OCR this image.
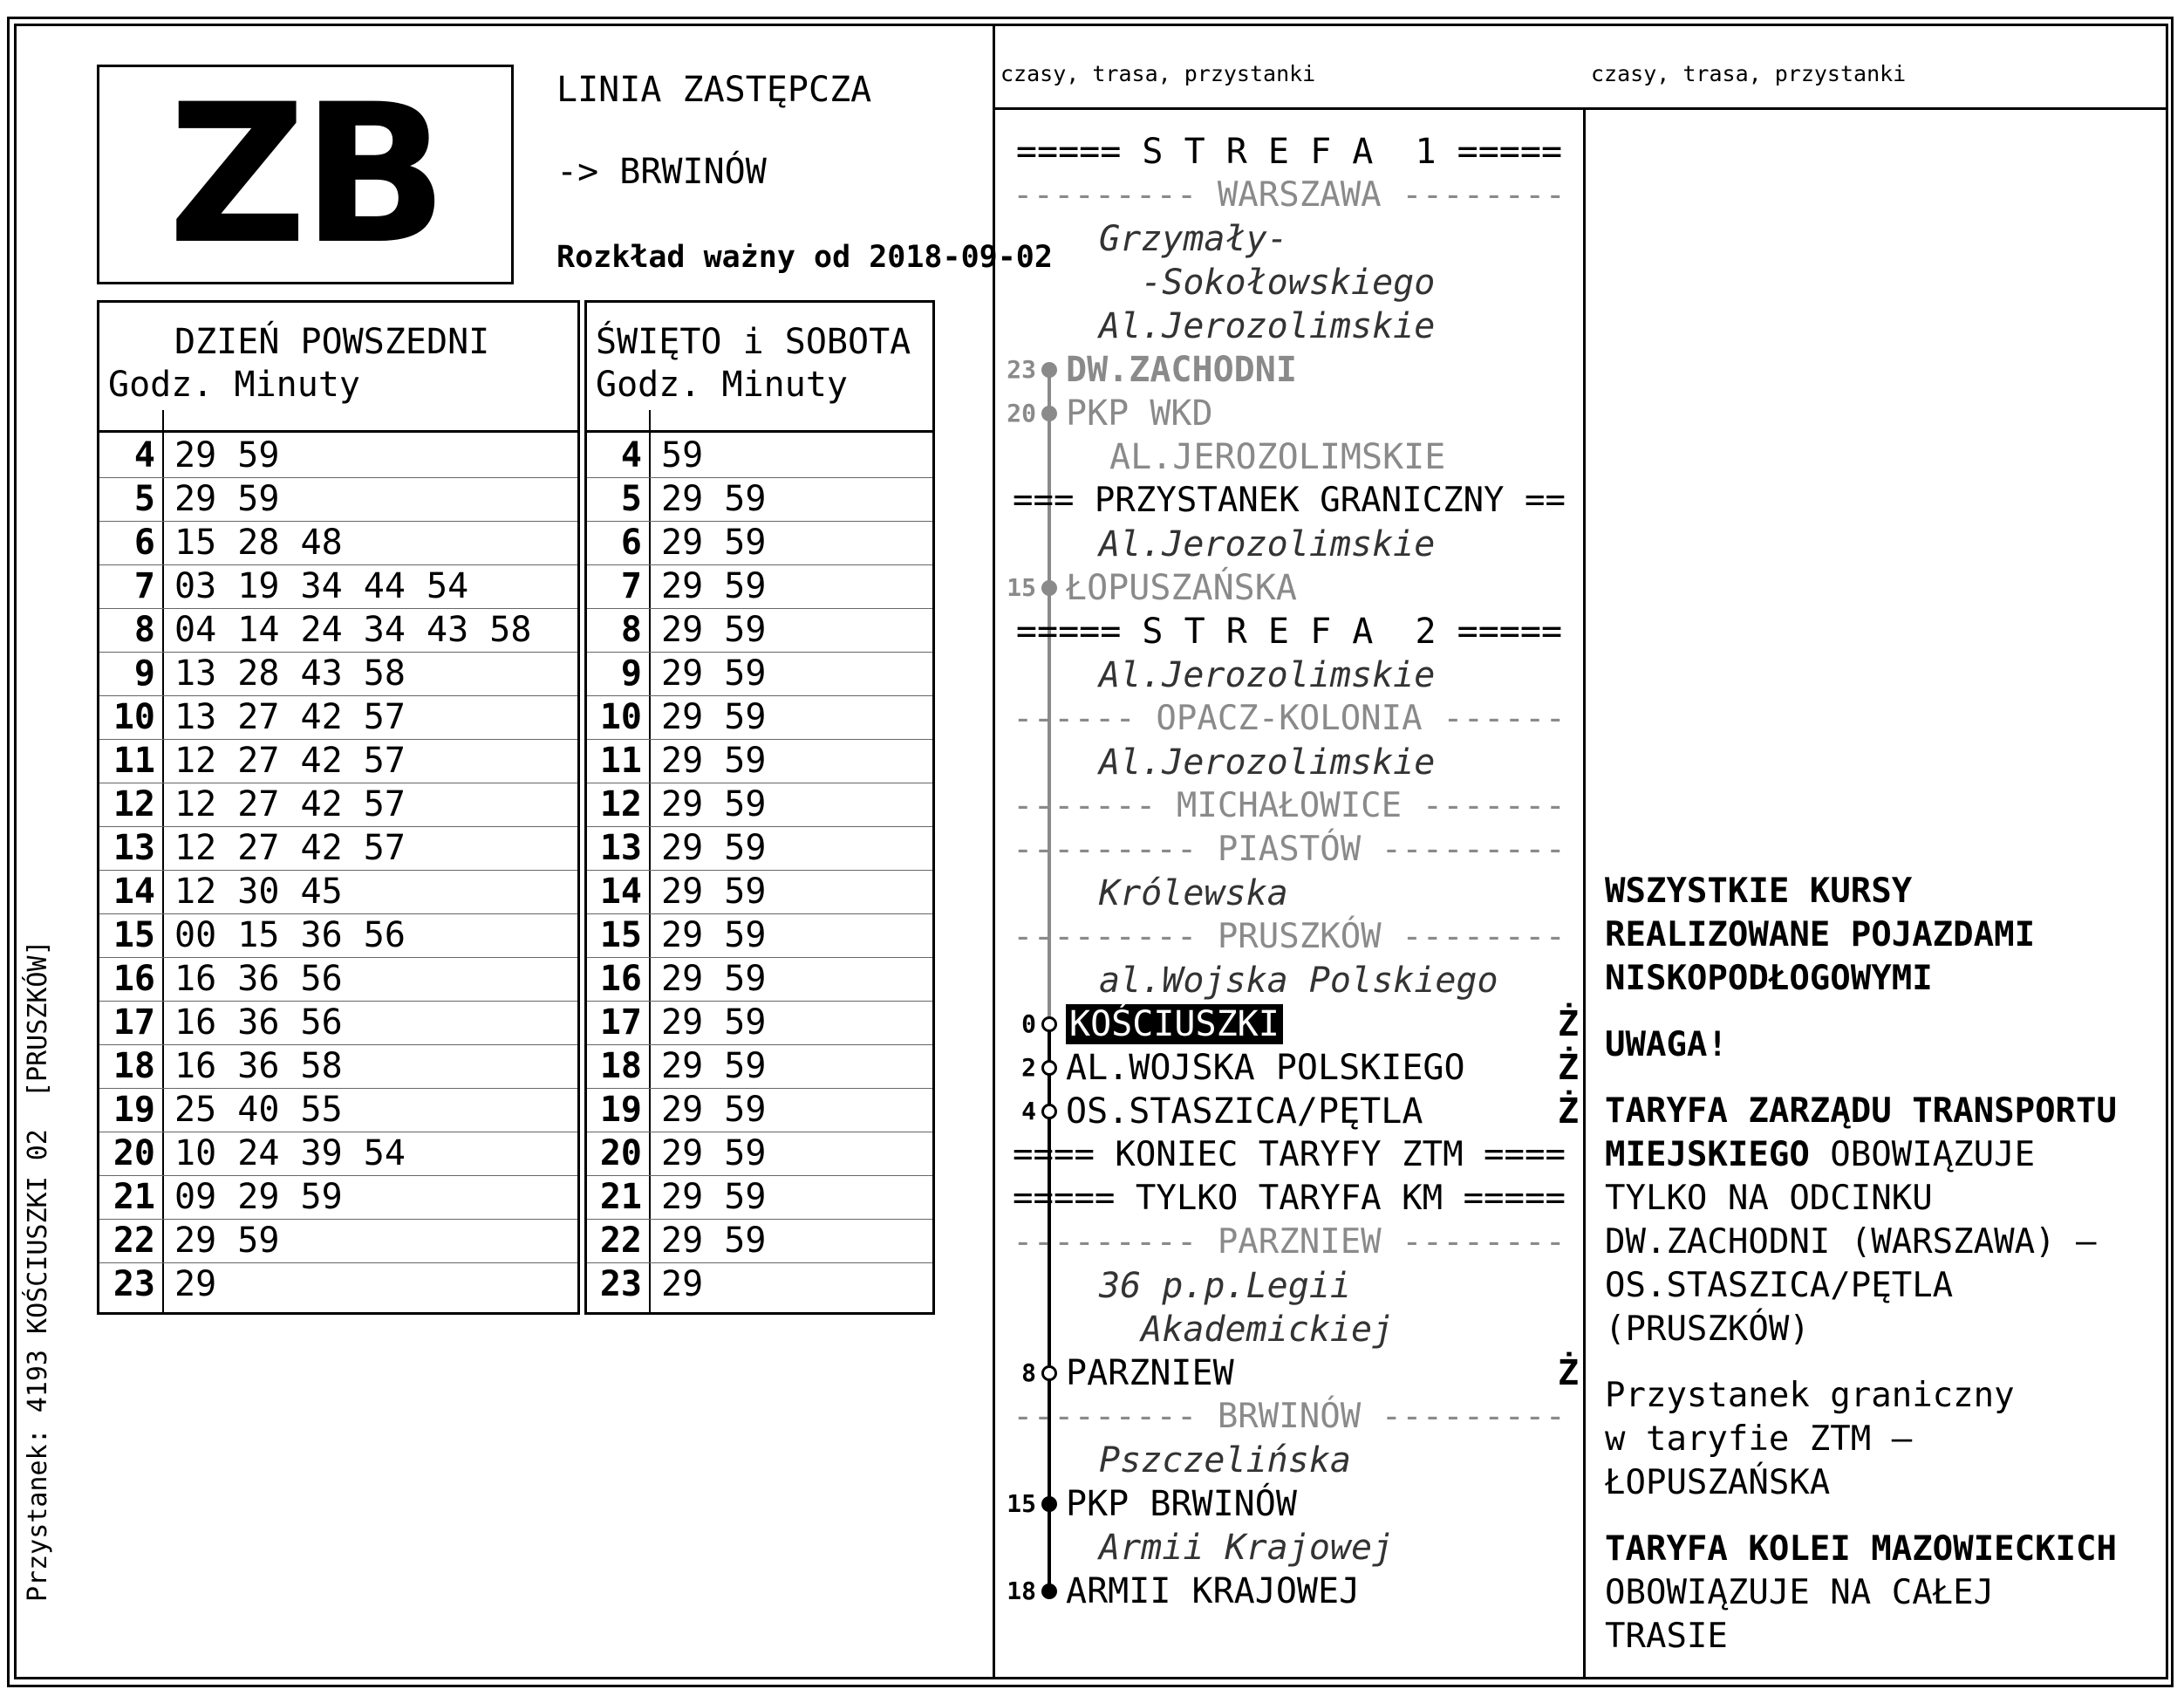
czasy, trasa, przystanki	czasy, trasa, przystanki
ZB	LINIA ZASTĘPCZA
-> BRWINÓW
Rozkład ważny od 2018-09-02
Przystanek: 4193 KOŚCIUSZKI 02  [PRUSZKÓW]
DZIEŃ POWSZEDNI
Godz. Minuty
4 29 59
5 29 59
6 15 28 48
7 03 19 34 44 54
8 04 14 24 34 43 58
9 13 28 43 58
10 13 27 42 57
11 12 27 42 57
12 12 27 42 57
13 12 27 42 57
14 12 30 45
15 00 15 36 56
16 16 36 56
17 16 36 56
18 16 36 58
19 25 40 55
20 10 24 39 54
21 09 29 59
22 29 59
23 29
ŚWIĘTO i SOBOTA
Godz. Minuty
4 59
5 29 59
6 29 59
7 29 59
8 29 59
9 29 59
10 29 59
11 29 59
12 29 59
13 29 59
14 29 59
15 29 59
16 29 59
17 29 59
18 29 59
19 29 59
20 29 59
21 29 59
22 29 59
23 29
===== S T R E F A  1 =====
--------- WARSZAWA --------
Grzymały-
-Sokołowskiego
Al.Jerozolimskie
23 DW.ZACHODNI
20 PKP WKD
AL.JEROZOLIMSKIE
=== PRZYSTANEK GRANICZNY ==
Al.Jerozolimskie
15 ŁOPUSZAŃSKA
===== S T R E F A  2 =====
Al.Jerozolimskie
------ OPACZ-KOLONIA ------
Al.Jerozolimskie
------- MICHAŁOWICE -------
--------- PIASTÓW ---------
Królewska
--------- PRUSZKÓW --------
al.Wojska Polskiego
0 KOŚCIUSZKI	Ż
2 AL.WOJSKA POLSKIEGO	Ż
4 OS.STASZICA/PĘTLA	Ż
==== KONIEC TARYFY ZTM ====
===== TYLKO TARYFA KM =====
--------- PARZNIEW --------
36 p.p.Legii
Akademickiej
8 PARZNIEW	Ż
--------- BRWINÓW ---------
Pszczelińska
15 PKP BRWINÓW
Armii Krajowej
18 ARMII KRAJOWEJ
WSZYSTKIE KURSY
REALIZOWANE POJAZDAMI
NISKOPODŁOGOWYMI
UWAGA!
TARYFA ZARZĄDU TRANSPORTU
MIEJSKIEGO OBOWIĄZUJE
TYLKO NA ODCINKU
DW.ZACHODNI (WARSZAWA) –
OS.STASZICA/PĘTLA
(PRUSZKÓW)
Przystanek graniczny
w taryfie ZTM –
ŁOPUSZAŃSKA
TARYFA KOLEI MAZOWIECKICH
OBOWIĄZUJE NA CAŁEJ
TRASIE
